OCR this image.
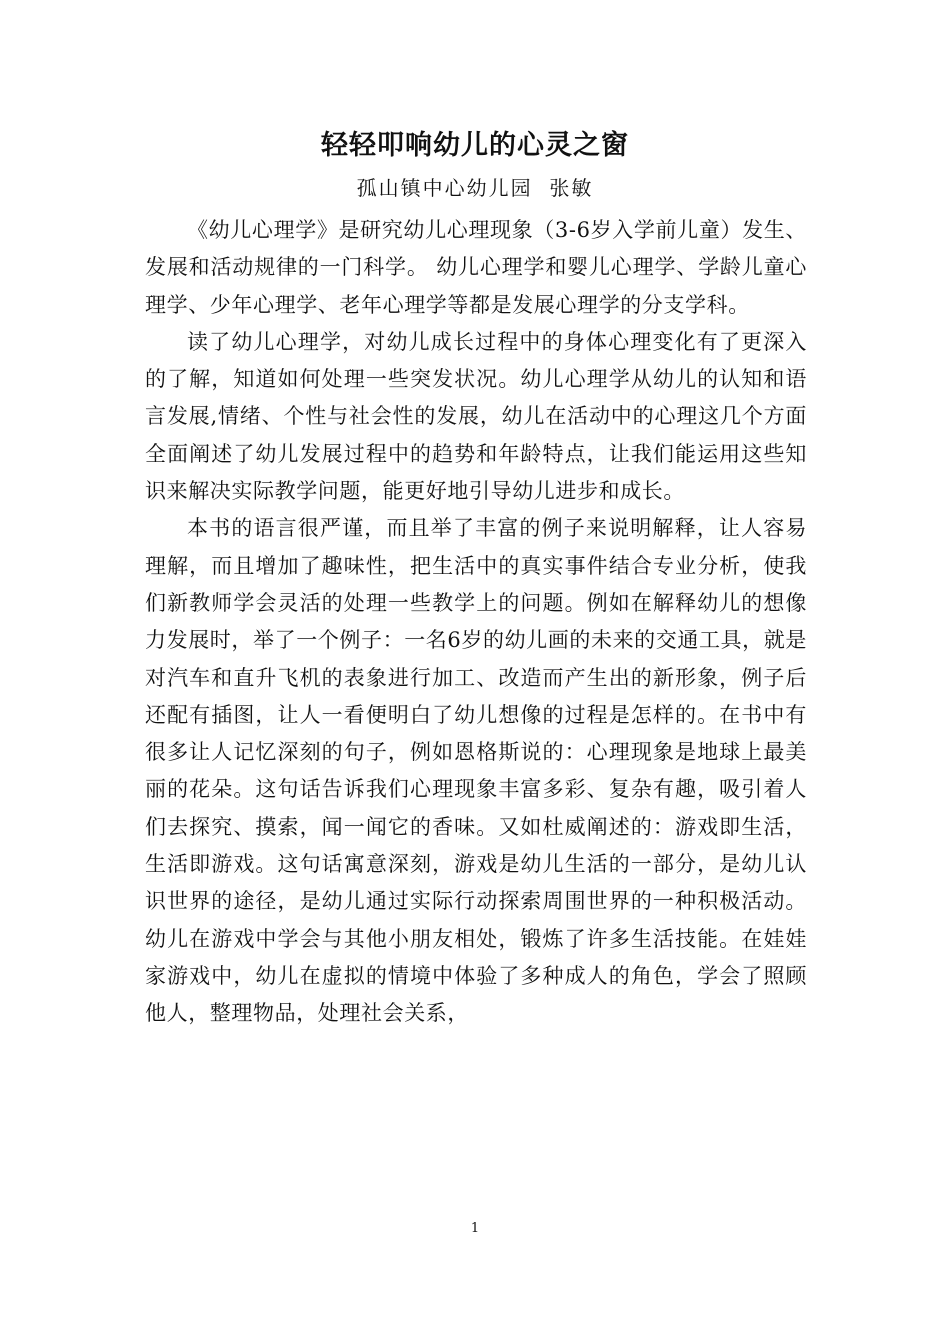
轻轻叩响幼儿的心灵之窗
孤山镇中心幼儿园  张敏

《幼儿心理学》是研究幼儿心理现象（3-6岁入学前儿童）发生、发展和活动规律的一门科学。 幼儿心理学和婴儿心理学、学龄儿童心理学、少年心理学、老年心理学等都是发展心理学的分支学科。

读了幼儿心理学，对幼儿成长过程中的身体心理变化有了更深入的了解，知道如何处理一些突发状况。幼儿心理学从幼儿的认知和语言发展,情绪、个性与社会性的发展，幼儿在活动中的心理这几个方面全面阐述了幼儿发展过程中的趋势和年龄特点，让我们能运用这些知识来解决实际教学问题，能更好地引导幼儿进步和成长。

本书的语言很严谨，而且举了丰富的例子来说明解释，让人容易理解，而且增加了趣味性，把生活中的真实事件结合专业分析，使我们新教师学会灵活的处理一些教学上的问题。例如在解释幼儿的想像力发展时，举了一个例子：一名6岁的幼儿画的未来的交通工具，就是对汽车和直升飞机的表象进行加工、改造而产生出的新形象，例子后还配有插图，让人一看便明白了幼儿想像的过程是怎样的。在书中有很多让人记忆深刻的句子，例如恩格斯说的：心理现象是地球上最美丽的花朵。这句话告诉我们心理现象丰富多彩、复杂有趣，吸引着人们去探究、摸索，闻一闻它的香味。又如杜威阐述的：游戏即生活，生活即游戏。这句话寓意深刻，游戏是幼儿生活的一部分，是幼儿认识世界的途径，是幼儿通过实际行动探索周围世界的一种积极活动。幼儿在游戏中学会与其他小朋友相处，锻炼了许多生活技能。在娃娃家游戏中，幼儿在虚拟的情境中体验了多种成人的角色，学会了照顾他人，整理物品，处理社会关系，

1
